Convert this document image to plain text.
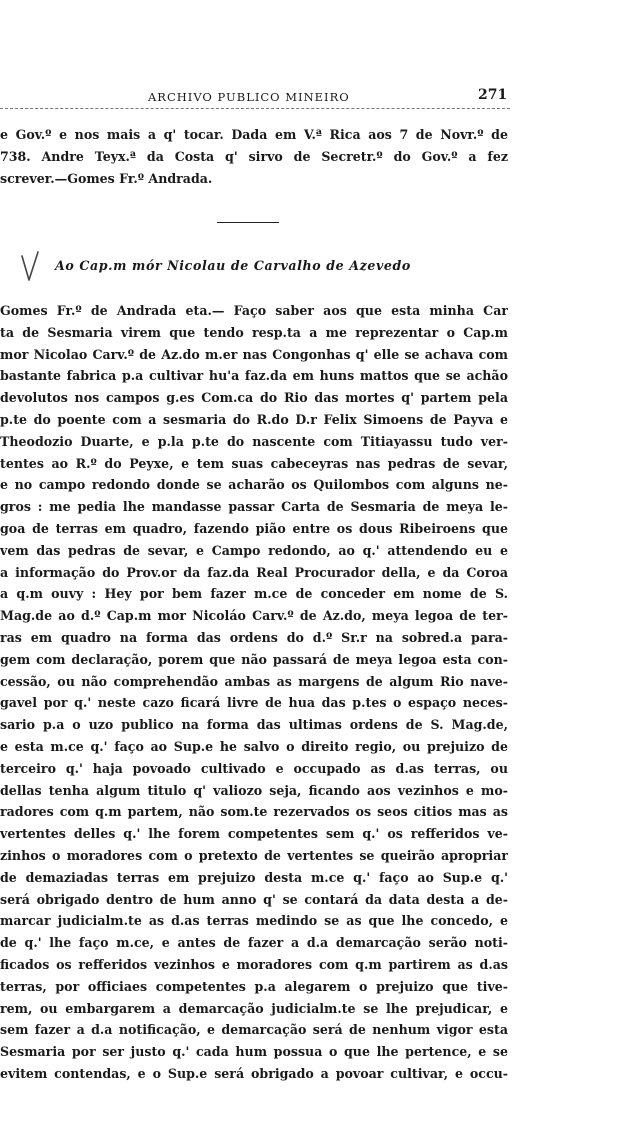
ARCHIVO PUBLICO MINEIRO	271
e Gov.º e nos mais a q' tocar. Dada em V.ª Rica aos 7 de Novr.º de
738. Andre Teyx.ª da Costa q' sirvo de Secretr.º do Gov.º a fez
screver.—Gomes Fr.º Andrada.
Ao Cap.m mór Nicolau de Carvalho de Azevedo
Gomes Fr.º de Andrada eta.— Faço saber aos que esta minha Car
ta de Sesmaria virem que tendo resp.ta a me reprezentar o Cap.m
mor Nicolao Carv.º de Az.do m.er nas Congonhas q' elle se achava com
bastante fabrica p.a cultivar hu'a faz.da em huns mattos que se achão
devolutos nos campos g.es Com.ca do Rio das mortes q' partem pela
p.te do poente com a sesmaria do R.do D.r Felix Simoens de Payva e
Theodozio Duarte, e p.la p.te do nascente com Titiayassu tudo ver-
tentes ao R.º do Peyxe, e tem suas cabeceyras nas pedras de sevar,
e no campo redondo donde se acharão os Quilombos com alguns ne-
gros : me pedia lhe mandasse passar Carta de Sesmaria de meya le-
goa de terras em quadro, fazendo pião entre os dous Ribeiroens que
vem das pedras de sevar, e Campo redondo, ao q.' attendendo eu e
a informação do Prov.or da faz.da Real Procurador della, e da Coroa
a q.m ouvy : Hey por bem fazer m.ce de conceder em nome de S.
Mag.de ao d.º Cap.m mor Nicoláo Carv.º de Az.do, meya legoa de ter-
ras em quadro na forma das ordens do d.º Sr.r na sobred.a para-
gem com declaração, porem que não passará de meya legoa esta con-
cessão, ou não comprehendão ambas as margens de algum Rio nave-
gavel por q.' neste cazo ficará livre de hua das p.tes o espaço neces-
sario p.a o uzo publico na forma das ultimas ordens de S. Mag.de,
e esta m.ce q.' faço ao Sup.e he salvo o direito regio, ou prejuizo de
terceiro q.' haja povoado cultivado e occupado as d.as terras, ou
dellas tenha algum titulo q' valiozo seja, ficando aos vezinhos e mo-
radores com q.m partem, não som.te rezervados os seos citios mas as
vertentes delles q.' lhe forem competentes sem q.' os refferidos ve-
zinhos o moradores com o pretexto de vertentes se queirão apropriar
de demaziadas terras em prejuizo desta m.ce q.' faço ao Sup.e q.'
será obrigado dentro de hum anno q' se contará da data desta a de-
marcar judicialm.te as d.as terras medindo se as que lhe concedo, e
de q.' lhe faço m.ce, e antes de fazer a d.a demarcação serão noti-
ficados os refferidos vezinhos e moradores com q.m partirem as d.as
terras, por officiaes competentes p.a alegarem o prejuizo que tive-
rem, ou embargarem a demarcação judicialm.te se lhe prejudicar, e
sem fazer a d.a notificação, e demarcação será de nenhum vigor esta
Sesmaria por ser justo q.' cada hum possua o que lhe pertence, e se
evitem contendas, e o Sup.e será obrigado a povoar cultivar, e occu-
